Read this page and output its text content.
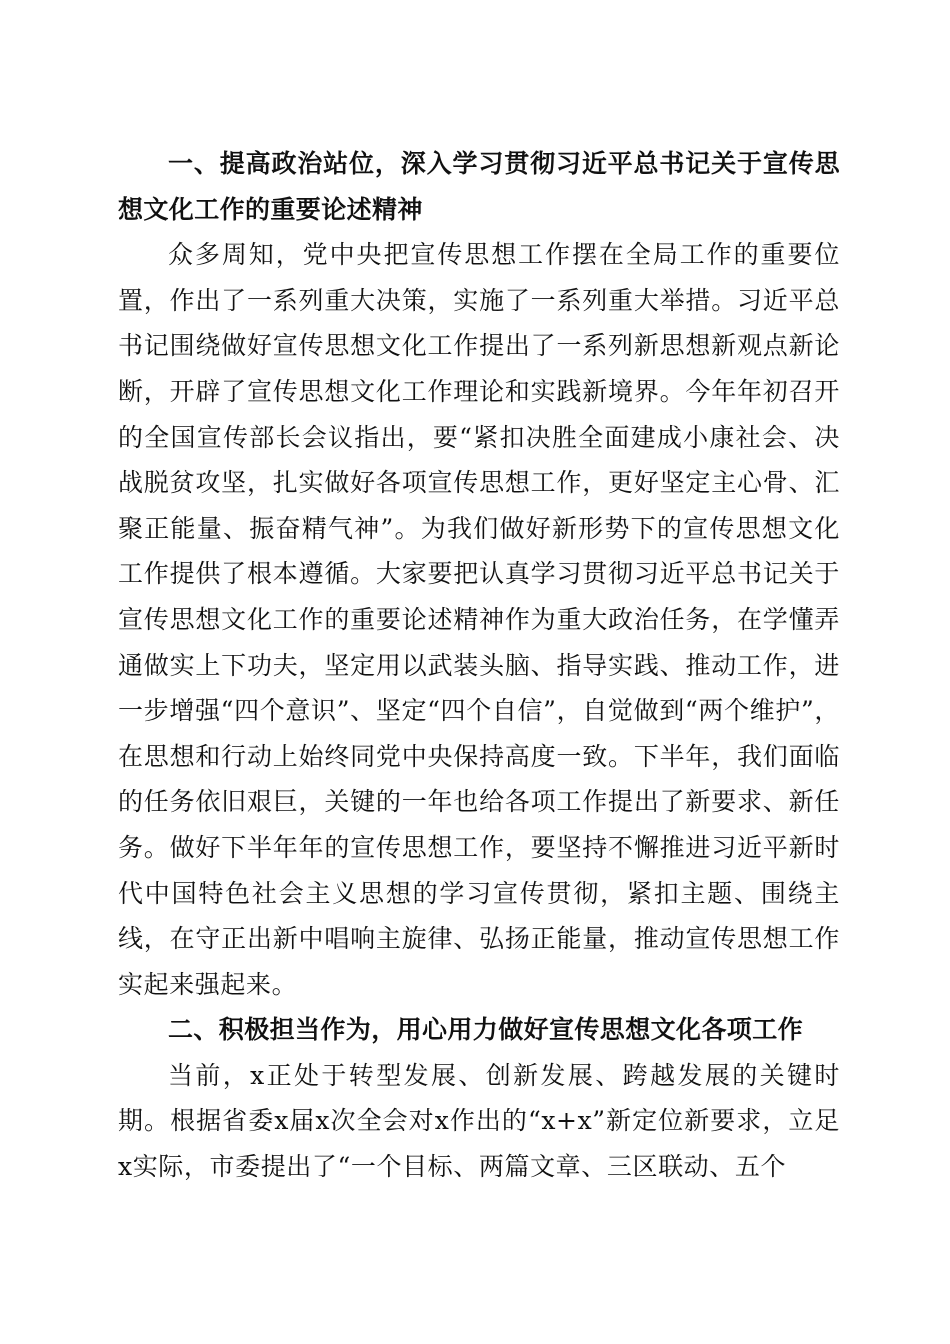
一、提高政治站位，深入学习贯彻习近平总书记关于宣传思想文化工作的重要论述精神

众多周知，党中央把宣传思想工作摆在全局工作的重要位置，作出了一系列重大决策，实施了一系列重大举措。习近平总书记围绕做好宣传思想文化工作提出了一系列新思想新观点新论断，开辟了宣传思想文化工作理论和实践新境界。今年年初召开的全国宣传部长会议指出，要“紧扣决胜全面建成小康社会、决战脱贫攻坚，扎实做好各项宣传思想工作，更好坚定主心骨、汇聚正能量、振奋精气神”。为我们做好新形势下的宣传思想文化工作提供了根本遵循。大家要把认真学习贯彻习近平总书记关于宣传思想文化工作的重要论述精神作为重大政治任务，在学懂弄通做实上下功夫，坚定用以武装头脑、指导实践、推动工作，进一步增强“四个意识”、坚定“四个自信”，自觉做到“两个维护”，在思想和行动上始终同党中央保持高度一致。下半年，我们面临的任务依旧艰巨，关键的一年也给各项工作提出了新要求、新任务。做好下半年年的宣传思想工作，要坚持不懈推进习近平新时代中国特色社会主义思想的学习宣传贯彻，紧扣主题、围绕主线，在守正出新中唱响主旋律、弘扬正能量，推动宣传思想工作实起来强起来。

二、积极担当作为，用心用力做好宣传思想文化各项工作

当前，x正处于转型发展、创新发展、跨越发展的关键时期。根据省委x届x次全会对x作出的“x+x”新定位新要求，立足x实际，市委提出了“一个目标、两篇文章、三区联动、五个
